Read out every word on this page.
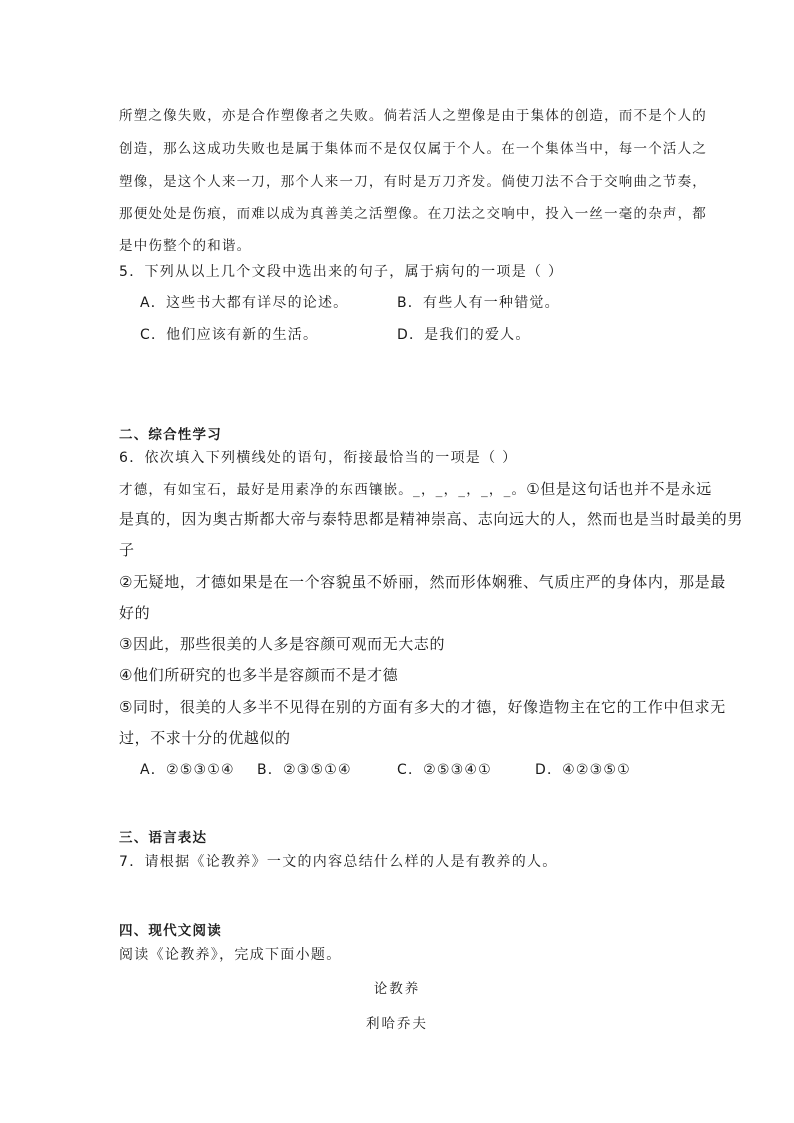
所塑之像失败，亦是合作塑像者之失败。倘若活人之塑像是由于集体的创造，而不是个人的
创造，那么这成功失败也是属于集体而不是仅仅属于个人。在一个集体当中，每一个活人之
塑像，是这个人来一刀，那个人来一刀，有时是万刀齐发。倘使刀法不合于交响曲之节奏，
那便处处是伤痕，而难以成为真善美之活塑像。在刀法之交响中，投入一丝一毫的杂声，都
是中伤整个的和谐。
5．下列从以上几个文段中选出来的句子，属于病句的一项是（ ）
A．这些书大都有详尽的论述。	B．有些人有一种错觉。
C．他们应该有新的生活。	D．是我们的爱人。
二、综合性学习
6．依次填入下列横线处的语句，衔接最恰当的一项是（ ）
才德，有如宝石，最好是用素净的东西镶嵌。_，_，_，_，_。①但是这句话也并不是永远
是真的，因为奥古斯都大帝与泰特思都是精神崇高、志向远大的人，然而也是当时最美的男
子
②无疑地，才德如果是在一个容貌虽不娇丽，然而形体娴雅、气质庄严的身体内，那是最
好的
③因此，那些很美的人多是容颜可观而无大志的
④他们所研究的也多半是容颜而不是才德
⑤同时，很美的人多半不见得在别的方面有多大的才德，好像造物主在它的工作中但求无
过，不求十分的优越似的
A．②⑤③①④ B．②③⑤①④	C．②⑤③④①	D．④②③⑤①
三、语言表达
7．请根据《论教养》一文的内容总结什么样的人是有教养的人。
四、现代文阅读
阅读《论教养》，完成下面小题。
论教养
利哈乔夫
